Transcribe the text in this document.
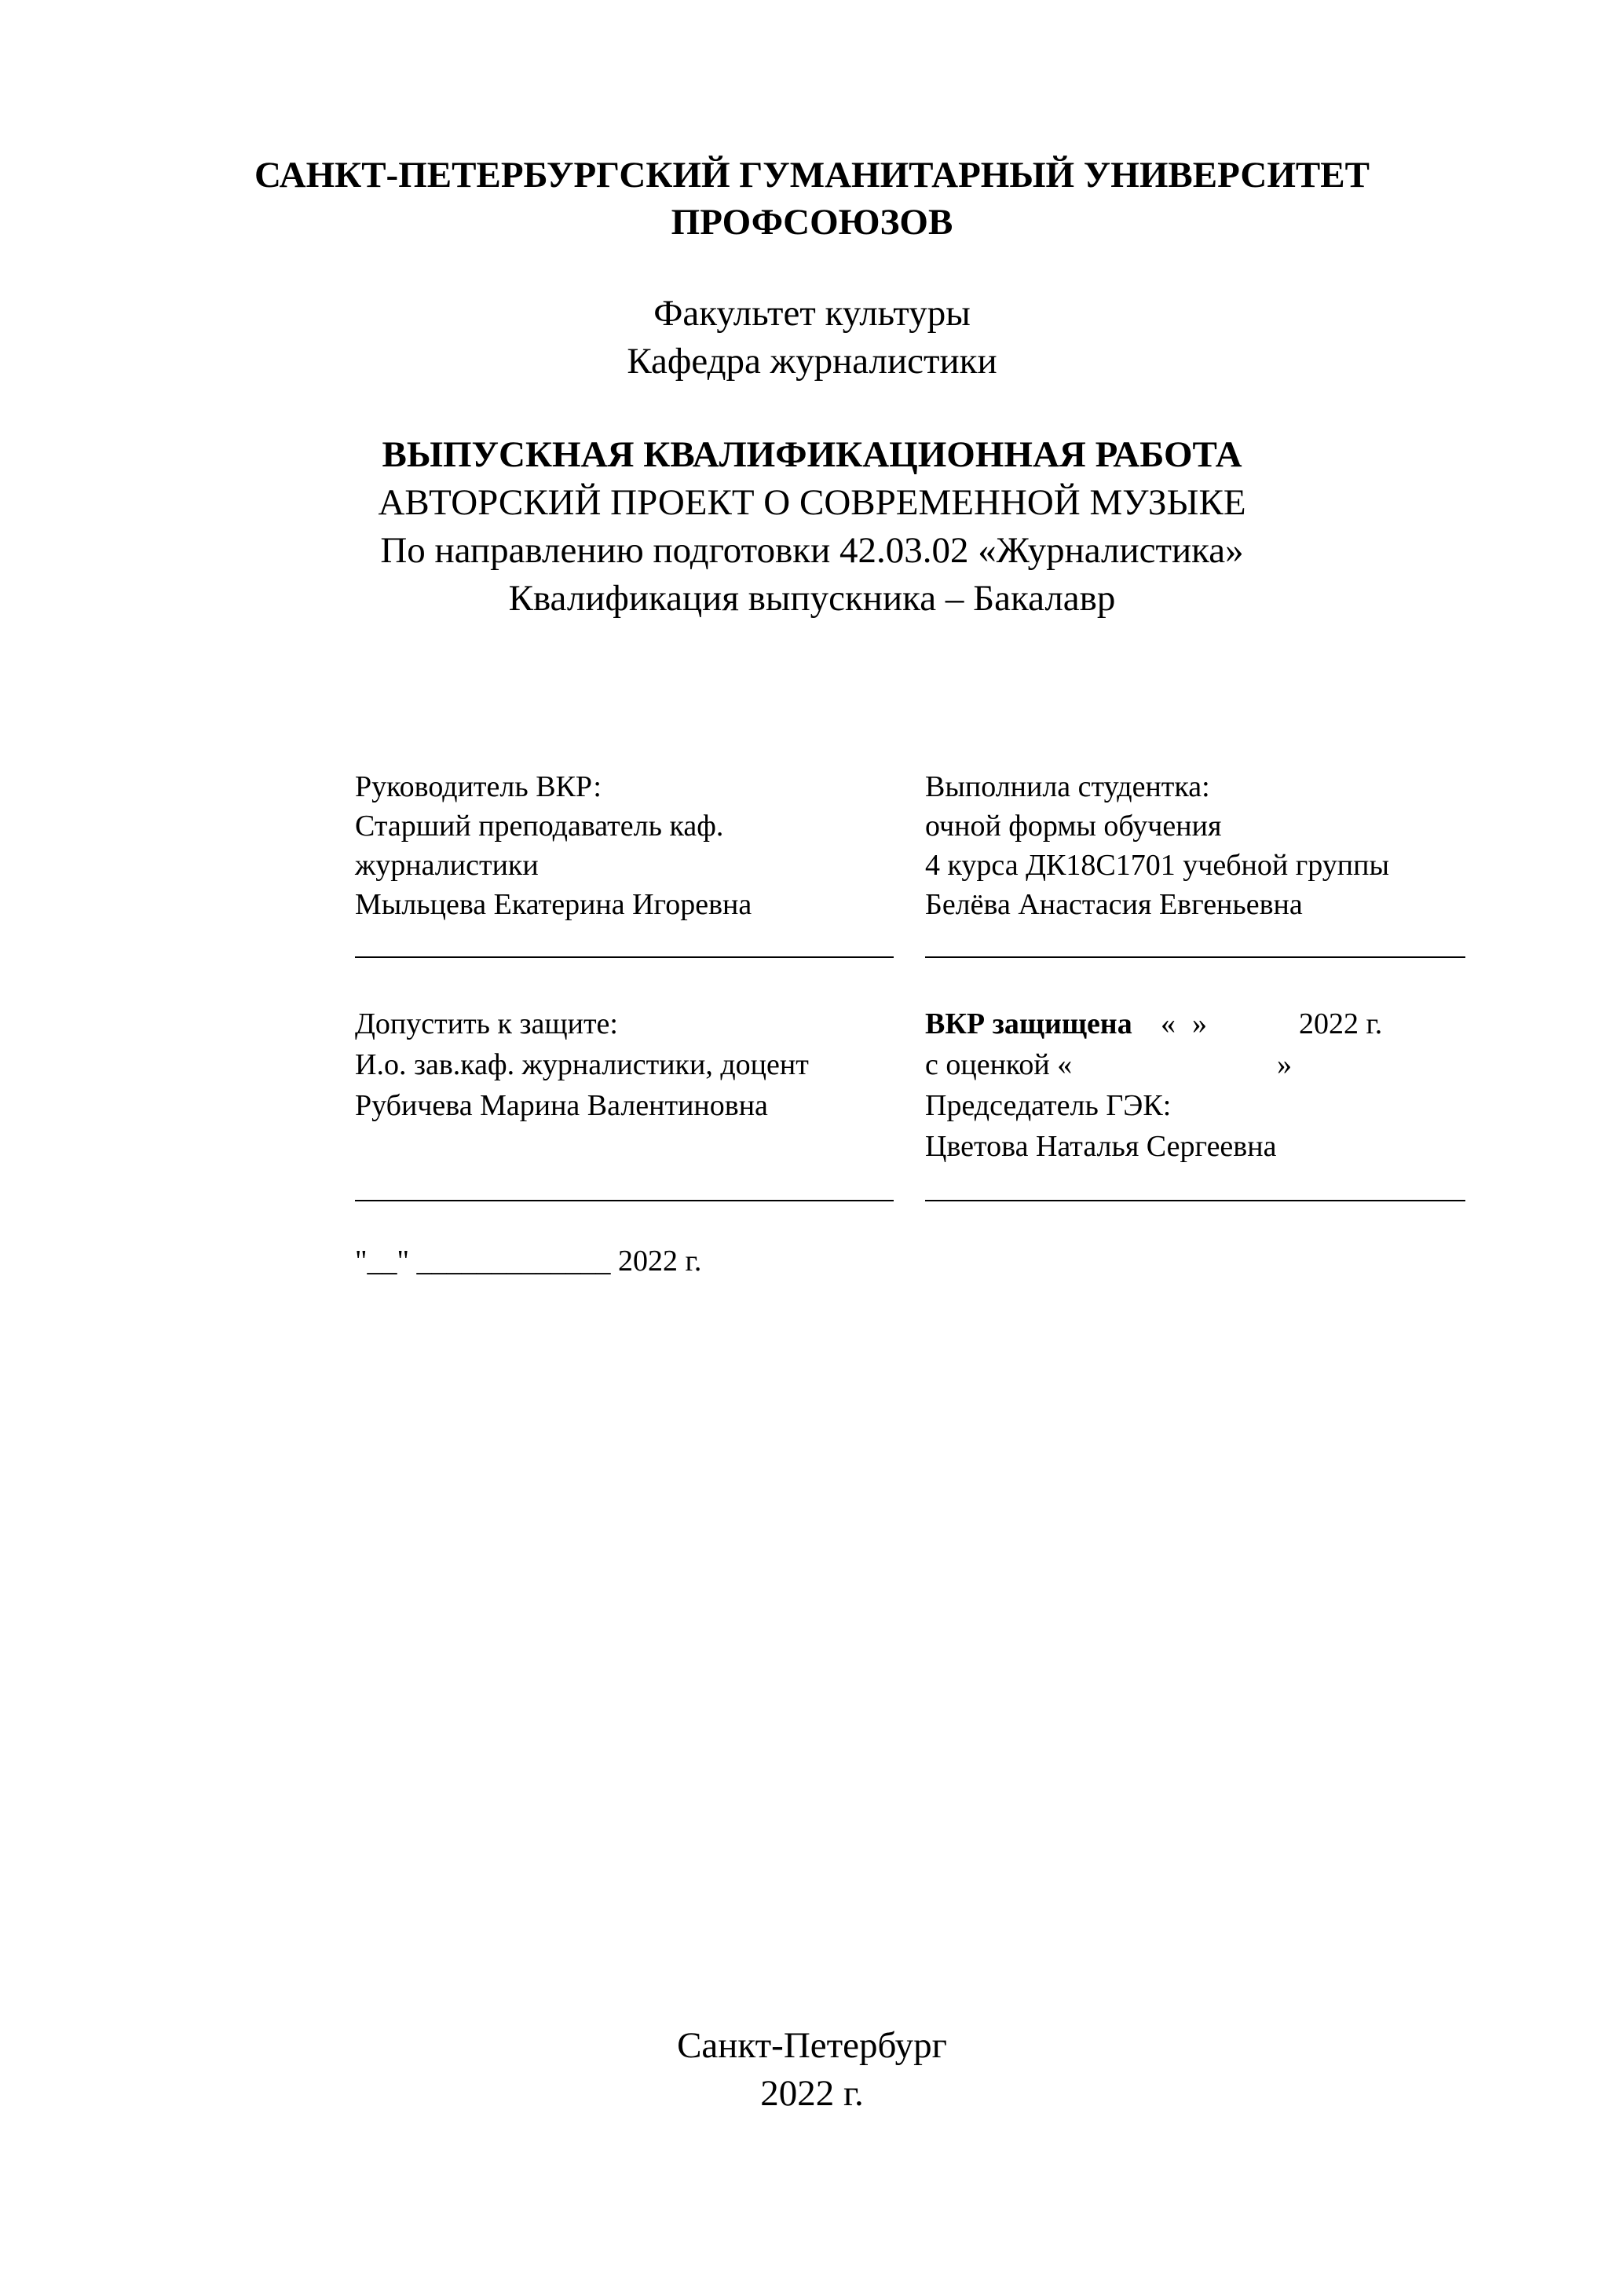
САНКТ-ПЕТЕРБУРГСКИЙ ГУМАНИТАРНЫЙ УНИВЕРСИТЕТ
ПРОФСОЮЗОВ
Факультет культуры
Кафедра журналистики
ВЫПУСКНАЯ КВАЛИФИКАЦИОННАЯ РАБОТА
АВТОРСКИЙ ПРОЕКТ О СОВРЕМЕННОЙ МУЗЫКЕ
По направлению подготовки 42.03.02 «Журналистика»
Квалификация выпускника – Бакалавр
Руководитель ВКР:
Старший преподаватель каф.
журналистики
Мыльцева Екатерина Игоревна
Выполнила студентка:
очной формы обучения
4 курса ДК18С1701 учебной группы
Белёва Анастасия Евгеньевна
Допустить к защите:
И.о. зав.каф. журналистики, доцент
Рубичева Марина Валентиновна
ВКР защищена « »	2022 г.
с оценкой «	»
Председатель ГЭК:
Цветова Наталья Сергеевна
"__" _____________ 2022 г.
Санкт-Петербург
2022 г.
